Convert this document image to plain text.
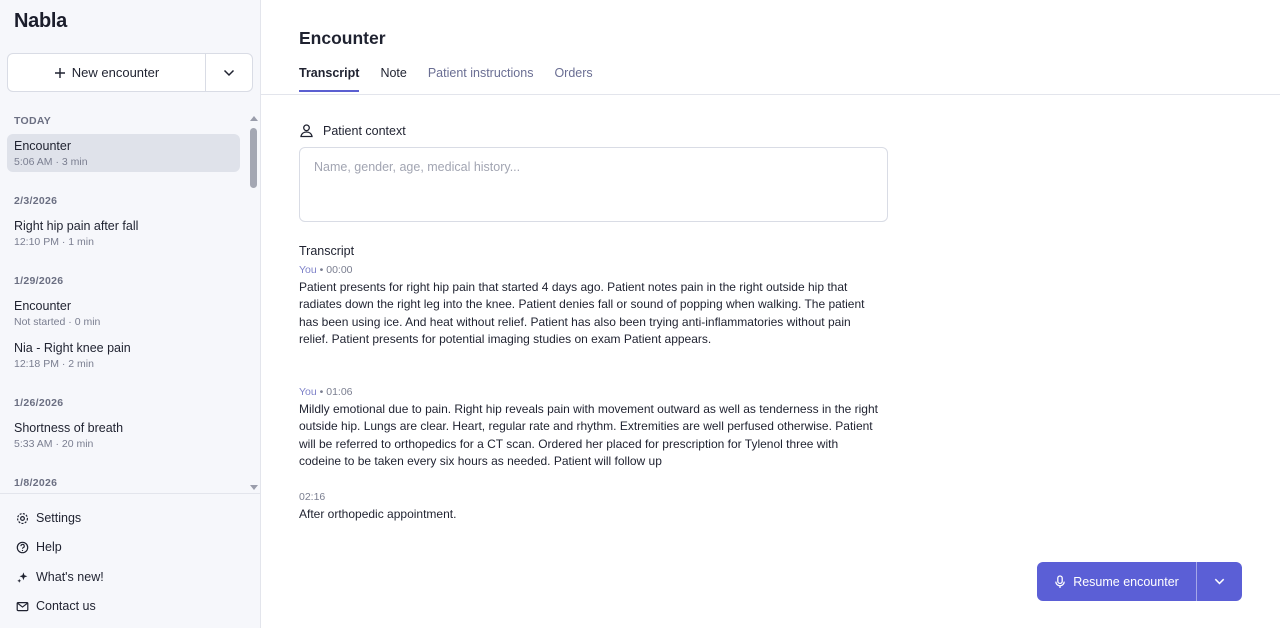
Nabla
New encounter
TODAY
Encounter
5:06 AM · 3 min
2/3/2026
Right hip pain after fall
12:10 PM · 1 min
1/29/2026
Encounter
Not started · 0 min
Nia - Right knee pain
12:18 PM · 2 min
1/26/2026
Shortness of breath
5:33 AM · 20 min
1/8/2026
Settings
Help
What's new!
Contact us
Encounter
Transcript Note Patient instructions Orders
Patient context
Name, gender, age, medical history...
Transcript
You • 00:00
Patient presents for right hip pain that started 4 days ago. Patient notes pain in the right outside hip that radiates down the right leg into the knee. Patient denies fall or sound of popping when walking. The patient has been using ice. And heat without relief. Patient has also been trying anti-inflammatories without pain relief. Patient presents for potential imaging studies on exam Patient appears.
You • 01:06
Mildly emotional due to pain. Right hip reveals pain with movement outward as well as tenderness in the right outside hip. Lungs are clear. Heart, regular rate and rhythm. Extremities are well perfused otherwise. Patient will be referred to orthopedics for a CT scan. Ordered her placed for prescription for Tylenol three with codeine to be taken every six hours as needed. Patient will follow up
02:16
After orthopedic appointment.
Resume encounter
